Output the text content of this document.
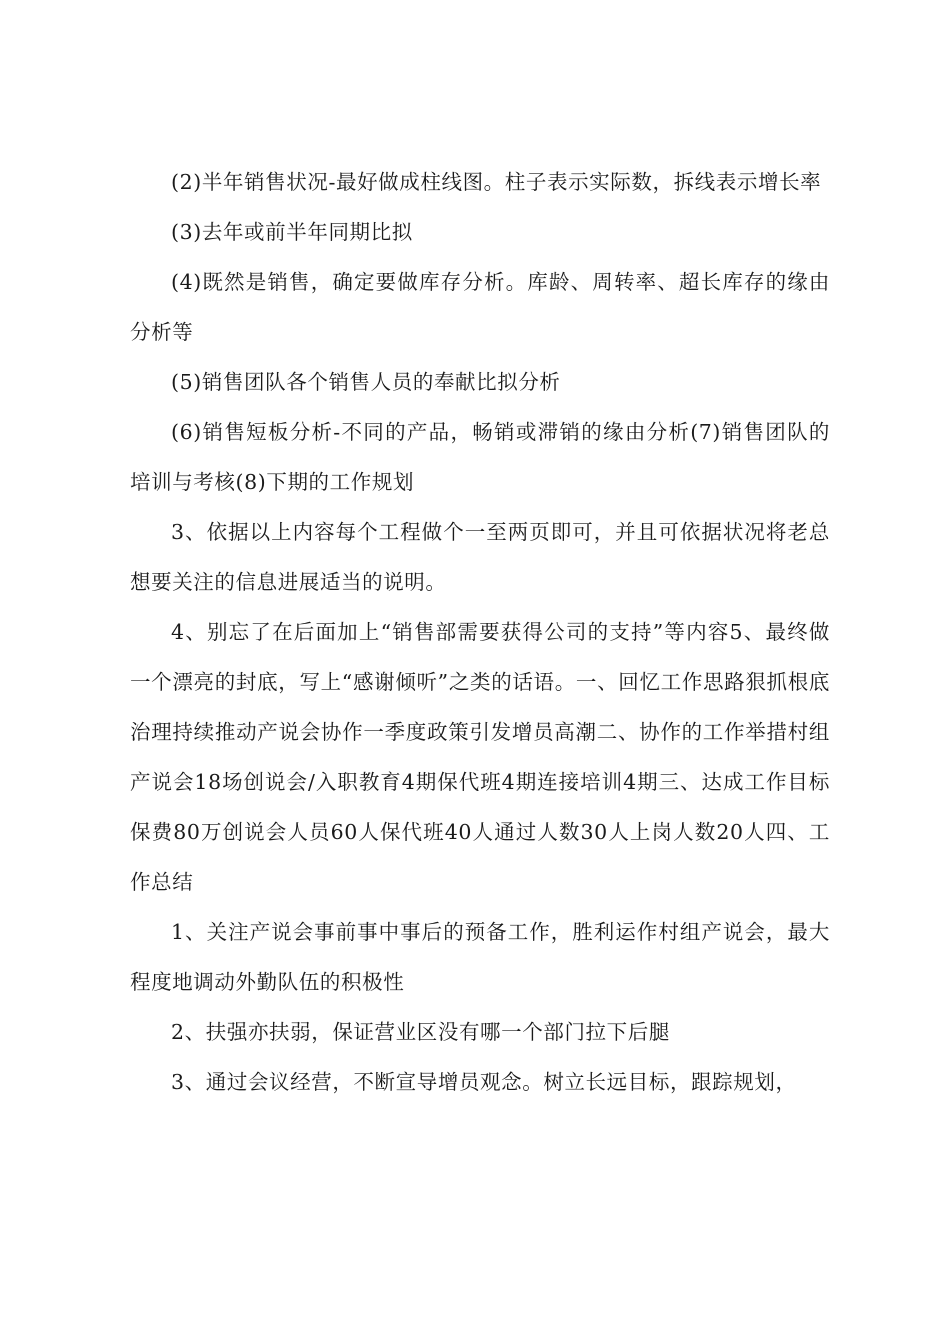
(2)半年销售状况-最好做成柱线图。柱子表示实际数，拆线表示增长率

(3)去年或前半年同期比拟

(4)既然是销售，确定要做库存分析。库龄、周转率、超长库存的缘由分析等

(5)销售团队各个销售人员的奉献比拟分析

(6)销售短板分析-不同的产品，畅销或滞销的缘由分析(7)销售团队的培训与考核(8)下期的工作规划

3、依据以上内容每个工程做个一至两页即可，并且可依据状况将老总想要关注的信息进展适当的说明。

4、别忘了在后面加上“销售部需要获得公司的支持”等内容5、最终做一个漂亮的封底，写上“感谢倾听”之类的话语。一、回忆工作思路狠抓根底治理持续推动产说会协作一季度政策引发增员高潮二、协作的工作举措村组产说会18场创说会/入职教育4期保代班4期连接培训4期三、达成工作目标保费80万创说会人员60人保代班40人通过人数30人上岗人数20人四、工作总结

1、关注产说会事前事中事后的预备工作，胜利运作村组产说会，最大程度地调动外勤队伍的积极性

2、扶强亦扶弱，保证营业区没有哪一个部门拉下后腿

3、通过会议经营，不断宣导增员观念。树立长远目标，跟踪规划，
